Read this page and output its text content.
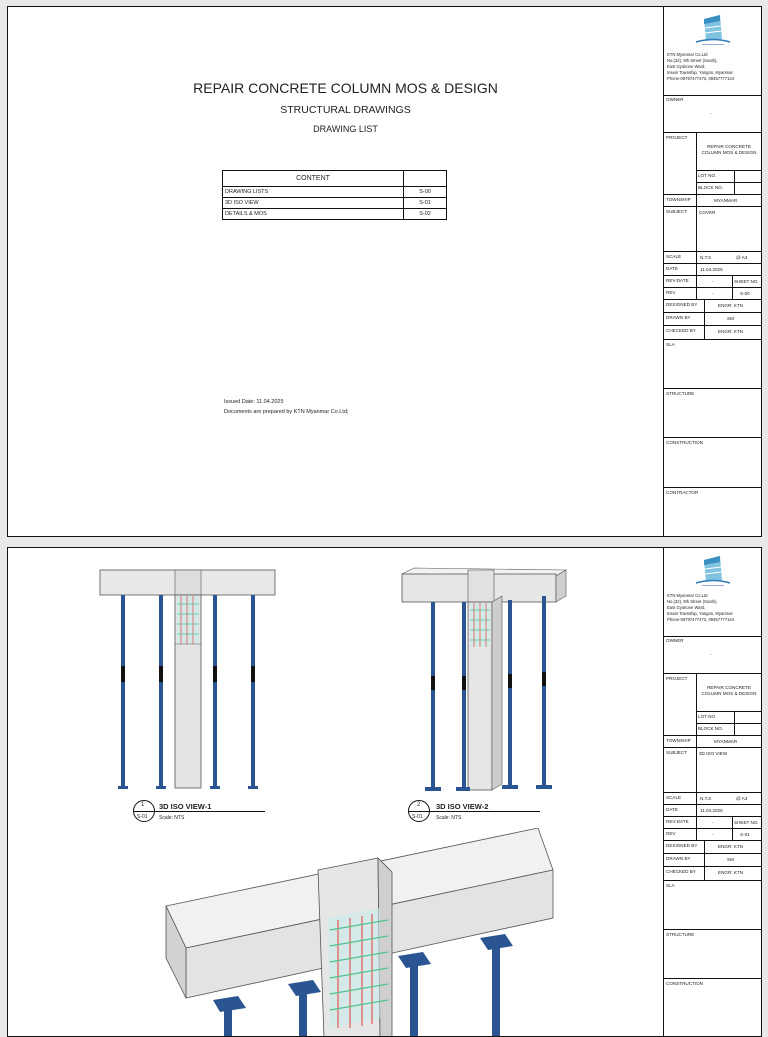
REPAIR CONCRETE COLUMN MOS & DESIGN
STRUCTURAL DRAWINGS
DRAWING LIST
CONTENT	
DRAWING LISTS	S-00
3D ISO VIEW	S-01
DETAILS & MOS	S-02
Issued Date: 11.04.2025
Documents are prepared by KTN Myanmar Co.Ltd;
KTN Myanmar Co.Ltd
No.(32), 9th Street (South),
East Gyokone Ward,
Insein Township, Yangon, Myanmar
Phone-09797477473, 09457777144
OWNER
-
PROJECT
REPAIR CONCRETE COLUMN MOS & DESIGN
LOT NO.
BLOCK NO.
TOWNSHIP	MYANMAR
SUBJECT	COVER
SCALE	N.T.S	@ A3
DATE	11.04.2025
REV-DATE	-	SHEET NO.
REV	-	S-00
DESIGNED BY	ENGR: KTN
DRAWN BY	SM
CHECKED BY	ENGR: KTN
SLA
STRUCTURE
CONSTRUCTION
CONTRACTOR
1
S-01
3D ISO VIEW-1
Scale: NTS
2
S-01
3D ISO VIEW-2
Scale: NTS
KTN Myanmar Co.Ltd
No.(32), 9th Street (South),
East Gyokone Ward,
Insein Township, Yangon, Myanmar
Phone-09797477473, 09457777144
OWNER
-
PROJECT
REPAIR CONCRETE COLUMN MOS & DESIGN
LOT NO.
BLOCK NO.
TOWNSHIP	MYANMAR
SUBJECT	3D ISO VIEW
SCALE	N.T.S	@ A3
DATE	11.04.2025
REV-DATE	-	SHEET NO.
REV	-	S-01
DESIGNED BY	ENGR: KTN
DRAWN BY	SM
CHECKED BY	ENGR: KTN
SLA
STRUCTURE
CONSTRUCTION
